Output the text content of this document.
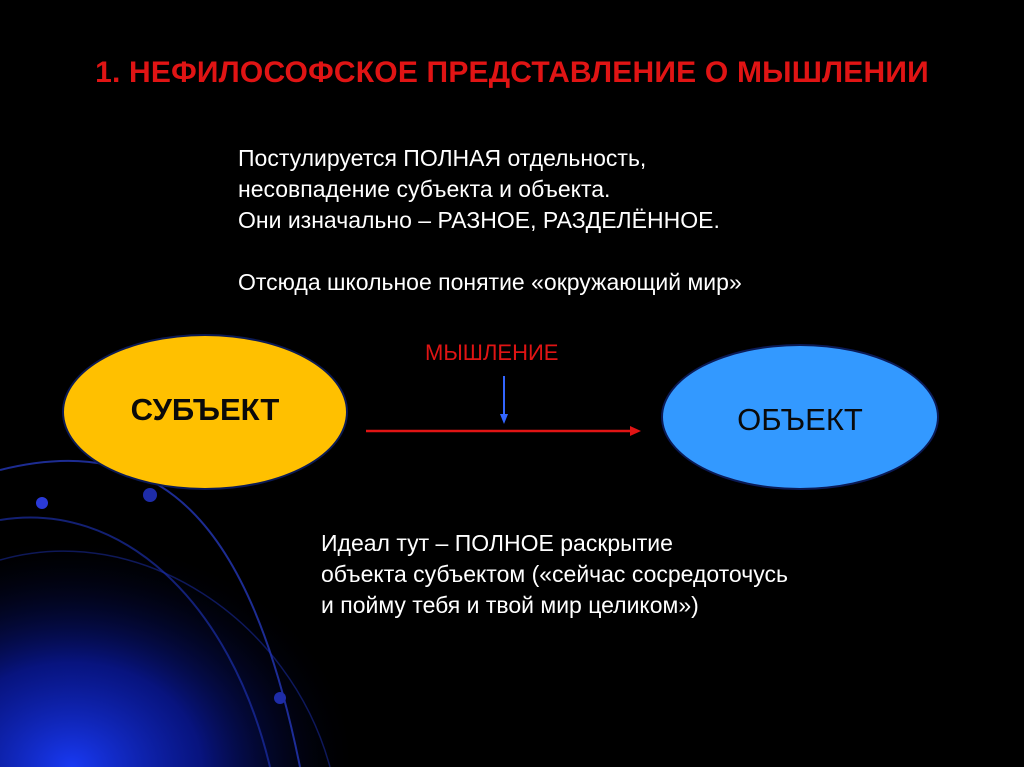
1. НЕФИЛОСОФСКОЕ ПРЕДСТАВЛЕНИЕ О МЫШЛЕНИИ
Постулируется ПОЛНАЯ отдельность,
несовпадение субъекта и объекта.
Они изначально – РАЗНОЕ, РАЗДЕЛЁННОЕ.
Отсюда школьное понятие «окружающий мир»
МЫШЛЕНИЕ
СУБЪЕКТ	ОБЪЕКТ
Идеал тут – ПОЛНОЕ раскрытие
объекта субъектом («сейчас сосредоточусь
и пойму тебя и твой мир целиком»)
